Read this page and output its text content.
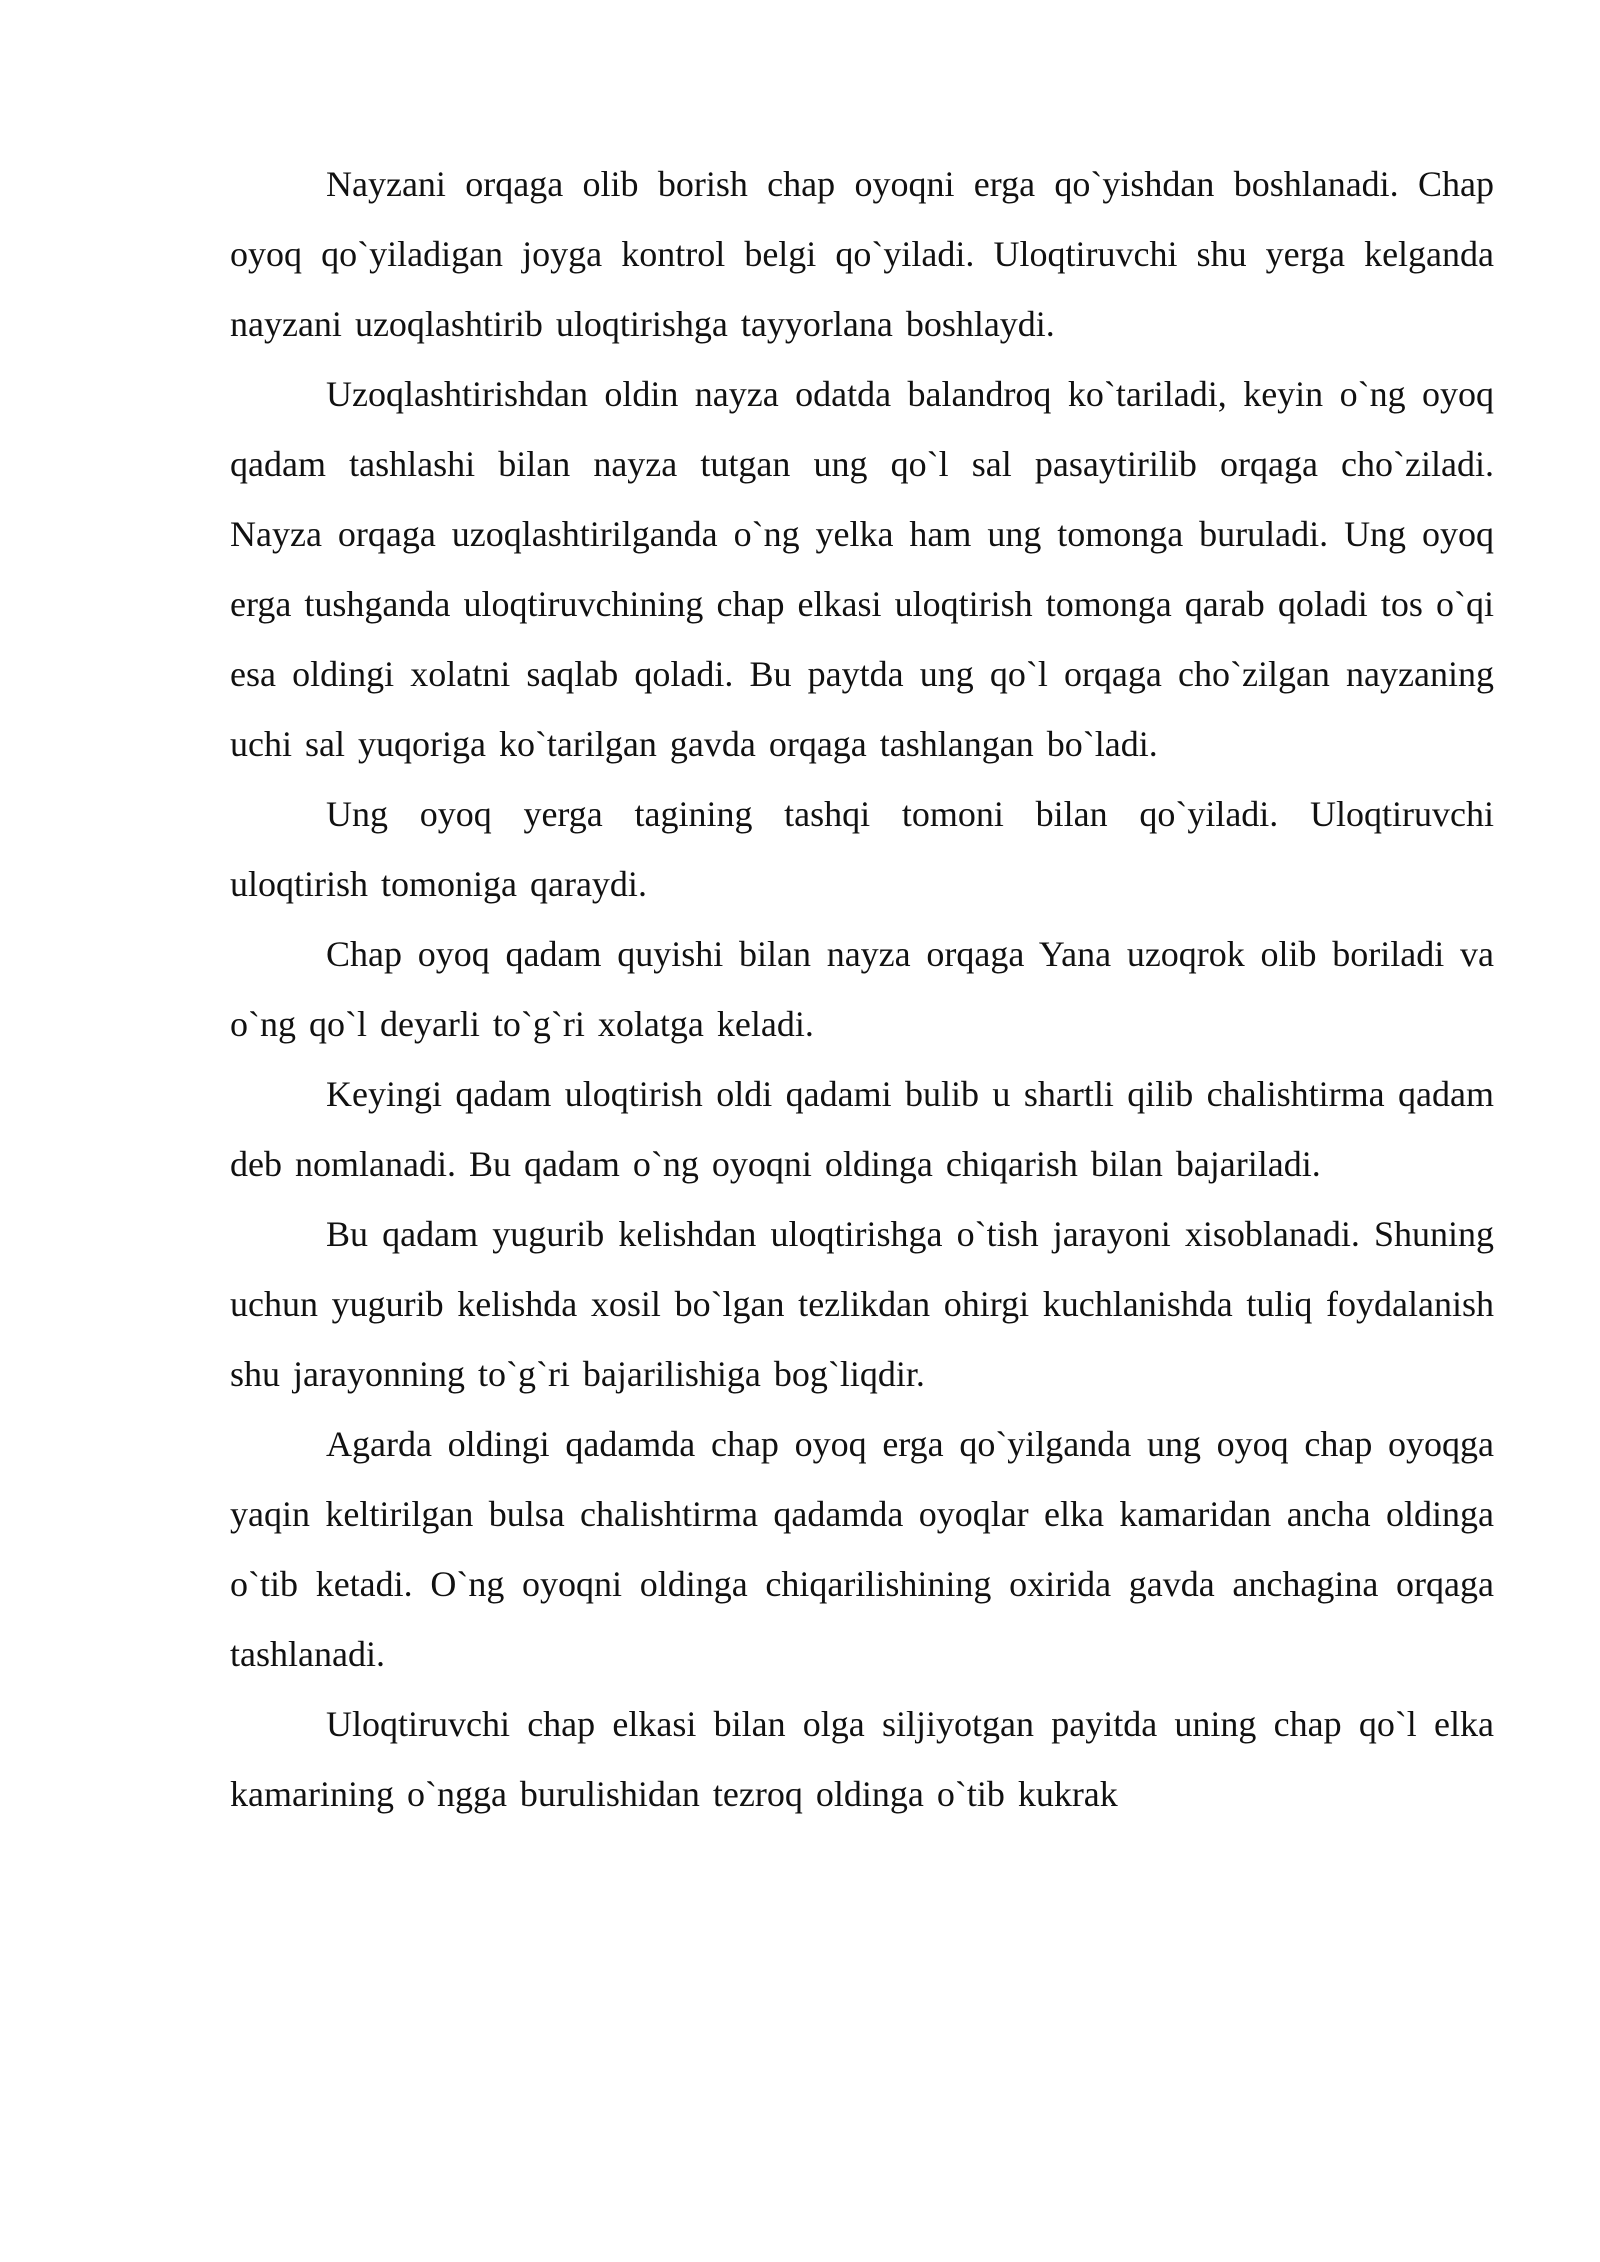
Nayzani orqaga olib borish chap oyoqni erga qo`yishdan boshlanadi. Chap oyoq qo`yiladigan joyga kontrol belgi qo`yiladi. Uloqtiruvchi shu yerga kelganda nayzani uzoqlashtirib uloqtirishga tayyorlana boshlaydi.

Uzoqlashtirishdan oldin nayza odatda balandroq ko`tariladi, keyin o`ng oyoq qadam tashlashi bilan nayza tutgan ung qo`l sal pasaytirilib orqaga cho`ziladi. Nayza orqaga uzoqlashtirilganda o`ng yelka ham ung tomonga buruladi. Ung oyoq erga tushganda uloqtiruvchining chap elkasi uloqtirish tomonga qarab qoladi tos o`qi esa oldingi xolatni saqlab qoladi. Bu paytda ung qo`l orqaga cho`zilgan nayzaning uchi sal yuqoriga ko`tarilgan gavda orqaga tashlangan bo`ladi.

Ung oyoq yerga tagining tashqi tomoni bilan qo`yiladi. Uloqtiruvchi uloqtirish tomoniga qaraydi.

Chap oyoq qadam quyishi bilan nayza orqaga Yana uzoqrok olib boriladi va o`ng qo`l deyarli to`g`ri xolatga keladi.

Keyingi qadam uloqtirish oldi qadami bulib u shartli qilib chalishtirma qadam deb nomlanadi. Bu qadam o`ng oyoqni oldinga chiqarish bilan bajariladi.

Bu qadam yugurib kelishdan uloqtirishga o`tish jarayoni xisoblanadi. Shuning uchun yugurib kelishda xosil bo`lgan tezlikdan ohirgi kuchlanishda tuliq foydalanish shu jarayonning to`g`ri bajarilishiga bog`liqdir.

Agarda oldingi qadamda chap oyoq erga qo`yilganda ung oyoq chap oyoqga yaqin keltirilgan bulsa chalishtirma qadamda oyoqlar elka kamaridan ancha oldinga o`tib ketadi. O`ng oyoqni oldinga chiqarilishining oxirida gavda anchagina orqaga tashlanadi.

Uloqtiruvchi chap elkasi bilan olga siljiyotgan payitda uning chap qo`l elka kamarining o`ngga burulishidan tezroq oldinga o`tib kukrak
